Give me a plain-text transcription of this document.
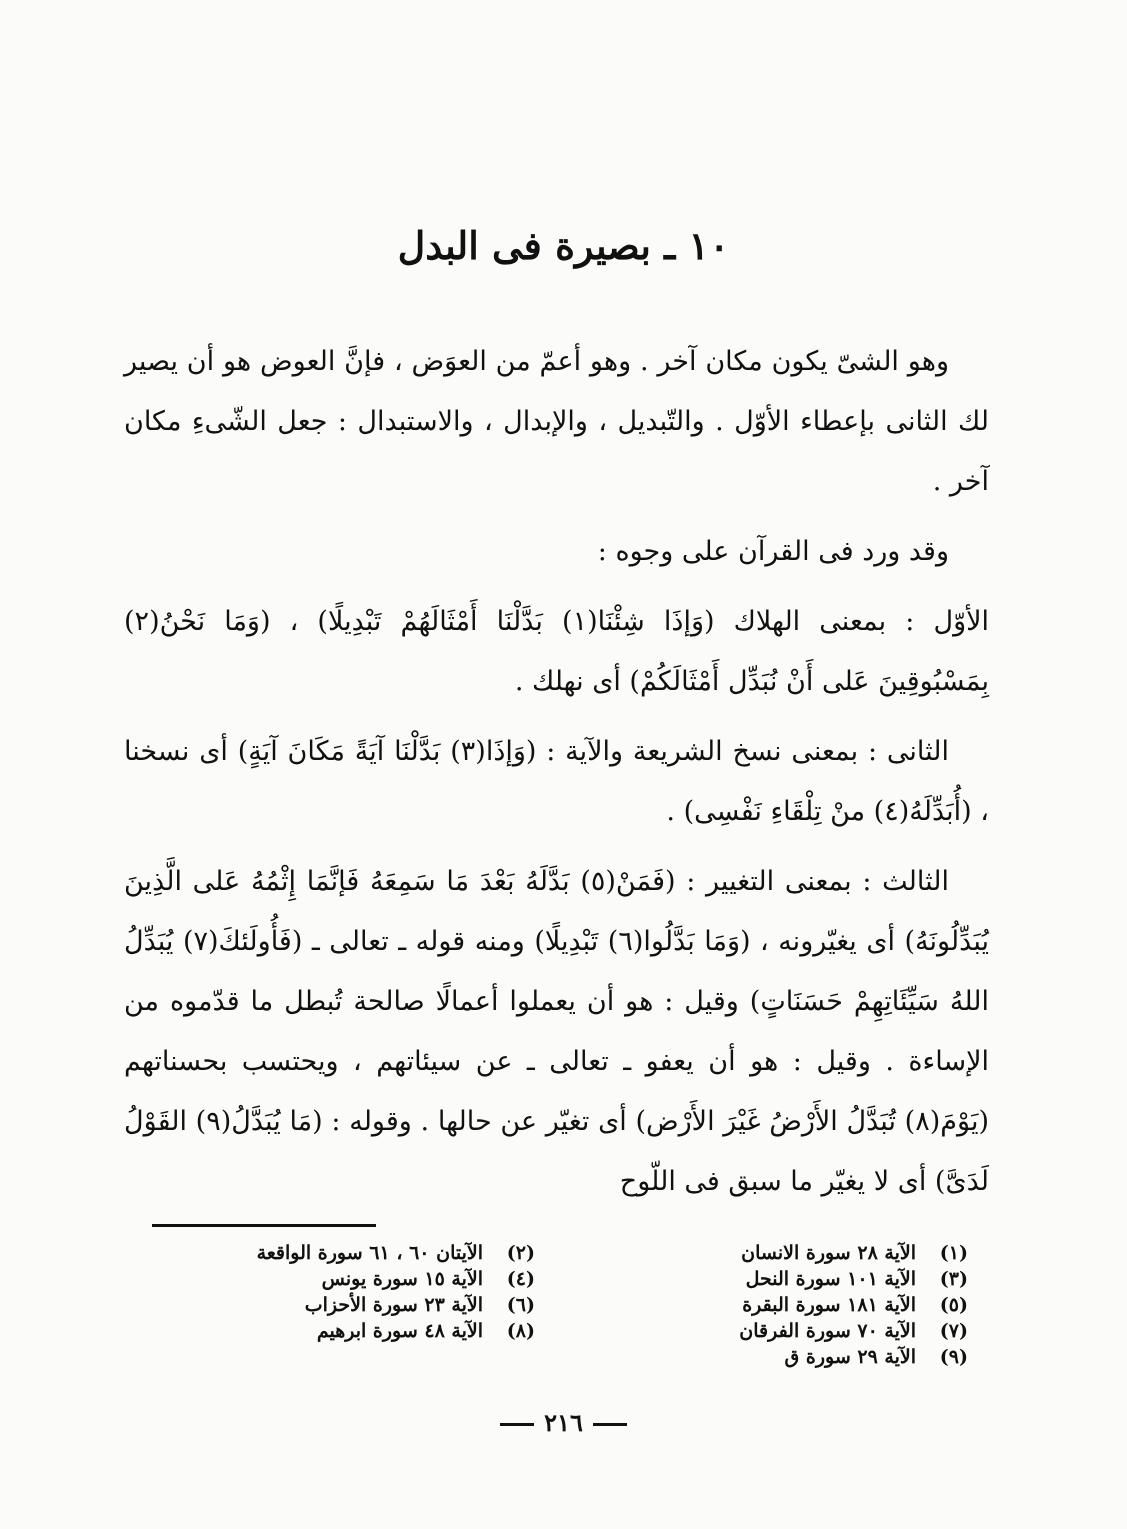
١٠ ـ بصيرة فى البدل

وهو الشىّ يكون مكان آخر . وهو أعمّ من العوَض ، فإنَّ العوض هو أن يصير لك الثانى بإعطاء الأوّل . والتّبديل ، والإبدال ، والاستبدال : جعل الشّىءِ مكان آخر .

وقد ورد فى القرآن على وجوه :

الأوّل : بمعنى الهلاك (وَإذَا شِئْنَا(١) بَدَّلْنَا أَمْثَالَهُمْ تَبْدِيلًا) ، (وَمَا نَحْنُ(٢) بِمَسْبُوقِينَ عَلى أَنْ نُبَدِّل أَمْثَالَكُمْ) أى نهلك .

الثانى : بمعنى نسخ الشريعة والآية : (وَإذَا(٣) بَدَّلْنَا آيَةً مَكَانَ آيَةٍ) أى نسخنا ، (أُبَدِّلَهُ(٤) منْ تِلْقَاءِ نَفْسِى) .

الثالث : بمعنى التغيير : (فَمَنْ(٥) بَدَّلَهُ بَعْدَ مَا سَمِعَهُ فَإنَّمَا إِثْمُهُ عَلى الَّذِينَ يُبَدِّلُونَهُ) أى يغيّرونه ، (وَمَا بَدَّلُوا(٦) تَبْدِيلًا) ومنه قوله ـ تعالى ـ (فَأُولَئكَ(٧) يُبَدِّلُ اللهُ سَيِّئَاتِهِمْ حَسَنَاتٍ) وقيل : هو أن يعملوا أعمالًا صالحة تُبطل ما قدّموه من الإساءة . وقيل : هو أن يعفو ـ تعالى ـ عن سيئاتهم ، ويحتسب بحسناتهم (يَوْمَ(٨) تُبَدَّلُ الأَرْضُ غَيْرَ الأَرْض) أى تغيّر عن حالها . وقوله : (مَا يُبَدَّلُ(٩) القَوْلُ لَدَىَّ) أى لا يغيّر ما سبق فى اللّوح

(١)
الآية ٢٨ سورة الانسان
(٣)
الآية ١٠١ سورة النحل
(٥)
الآية ١٨١ سورة البقرة
(٧)
الآية ٧٠ سورة الفرقان
(٩)
الآية ٢٩ سورة ق
(٢)
الآيتان ٦٠ ، ٦١ سورة الواقعة
(٤)
الآية ١٥ سورة يونس
(٦)
الآية ٢٣ سورة الأحزاب
(٨)
الآية ٤٨ سورة ابرهيم
٢١٦
